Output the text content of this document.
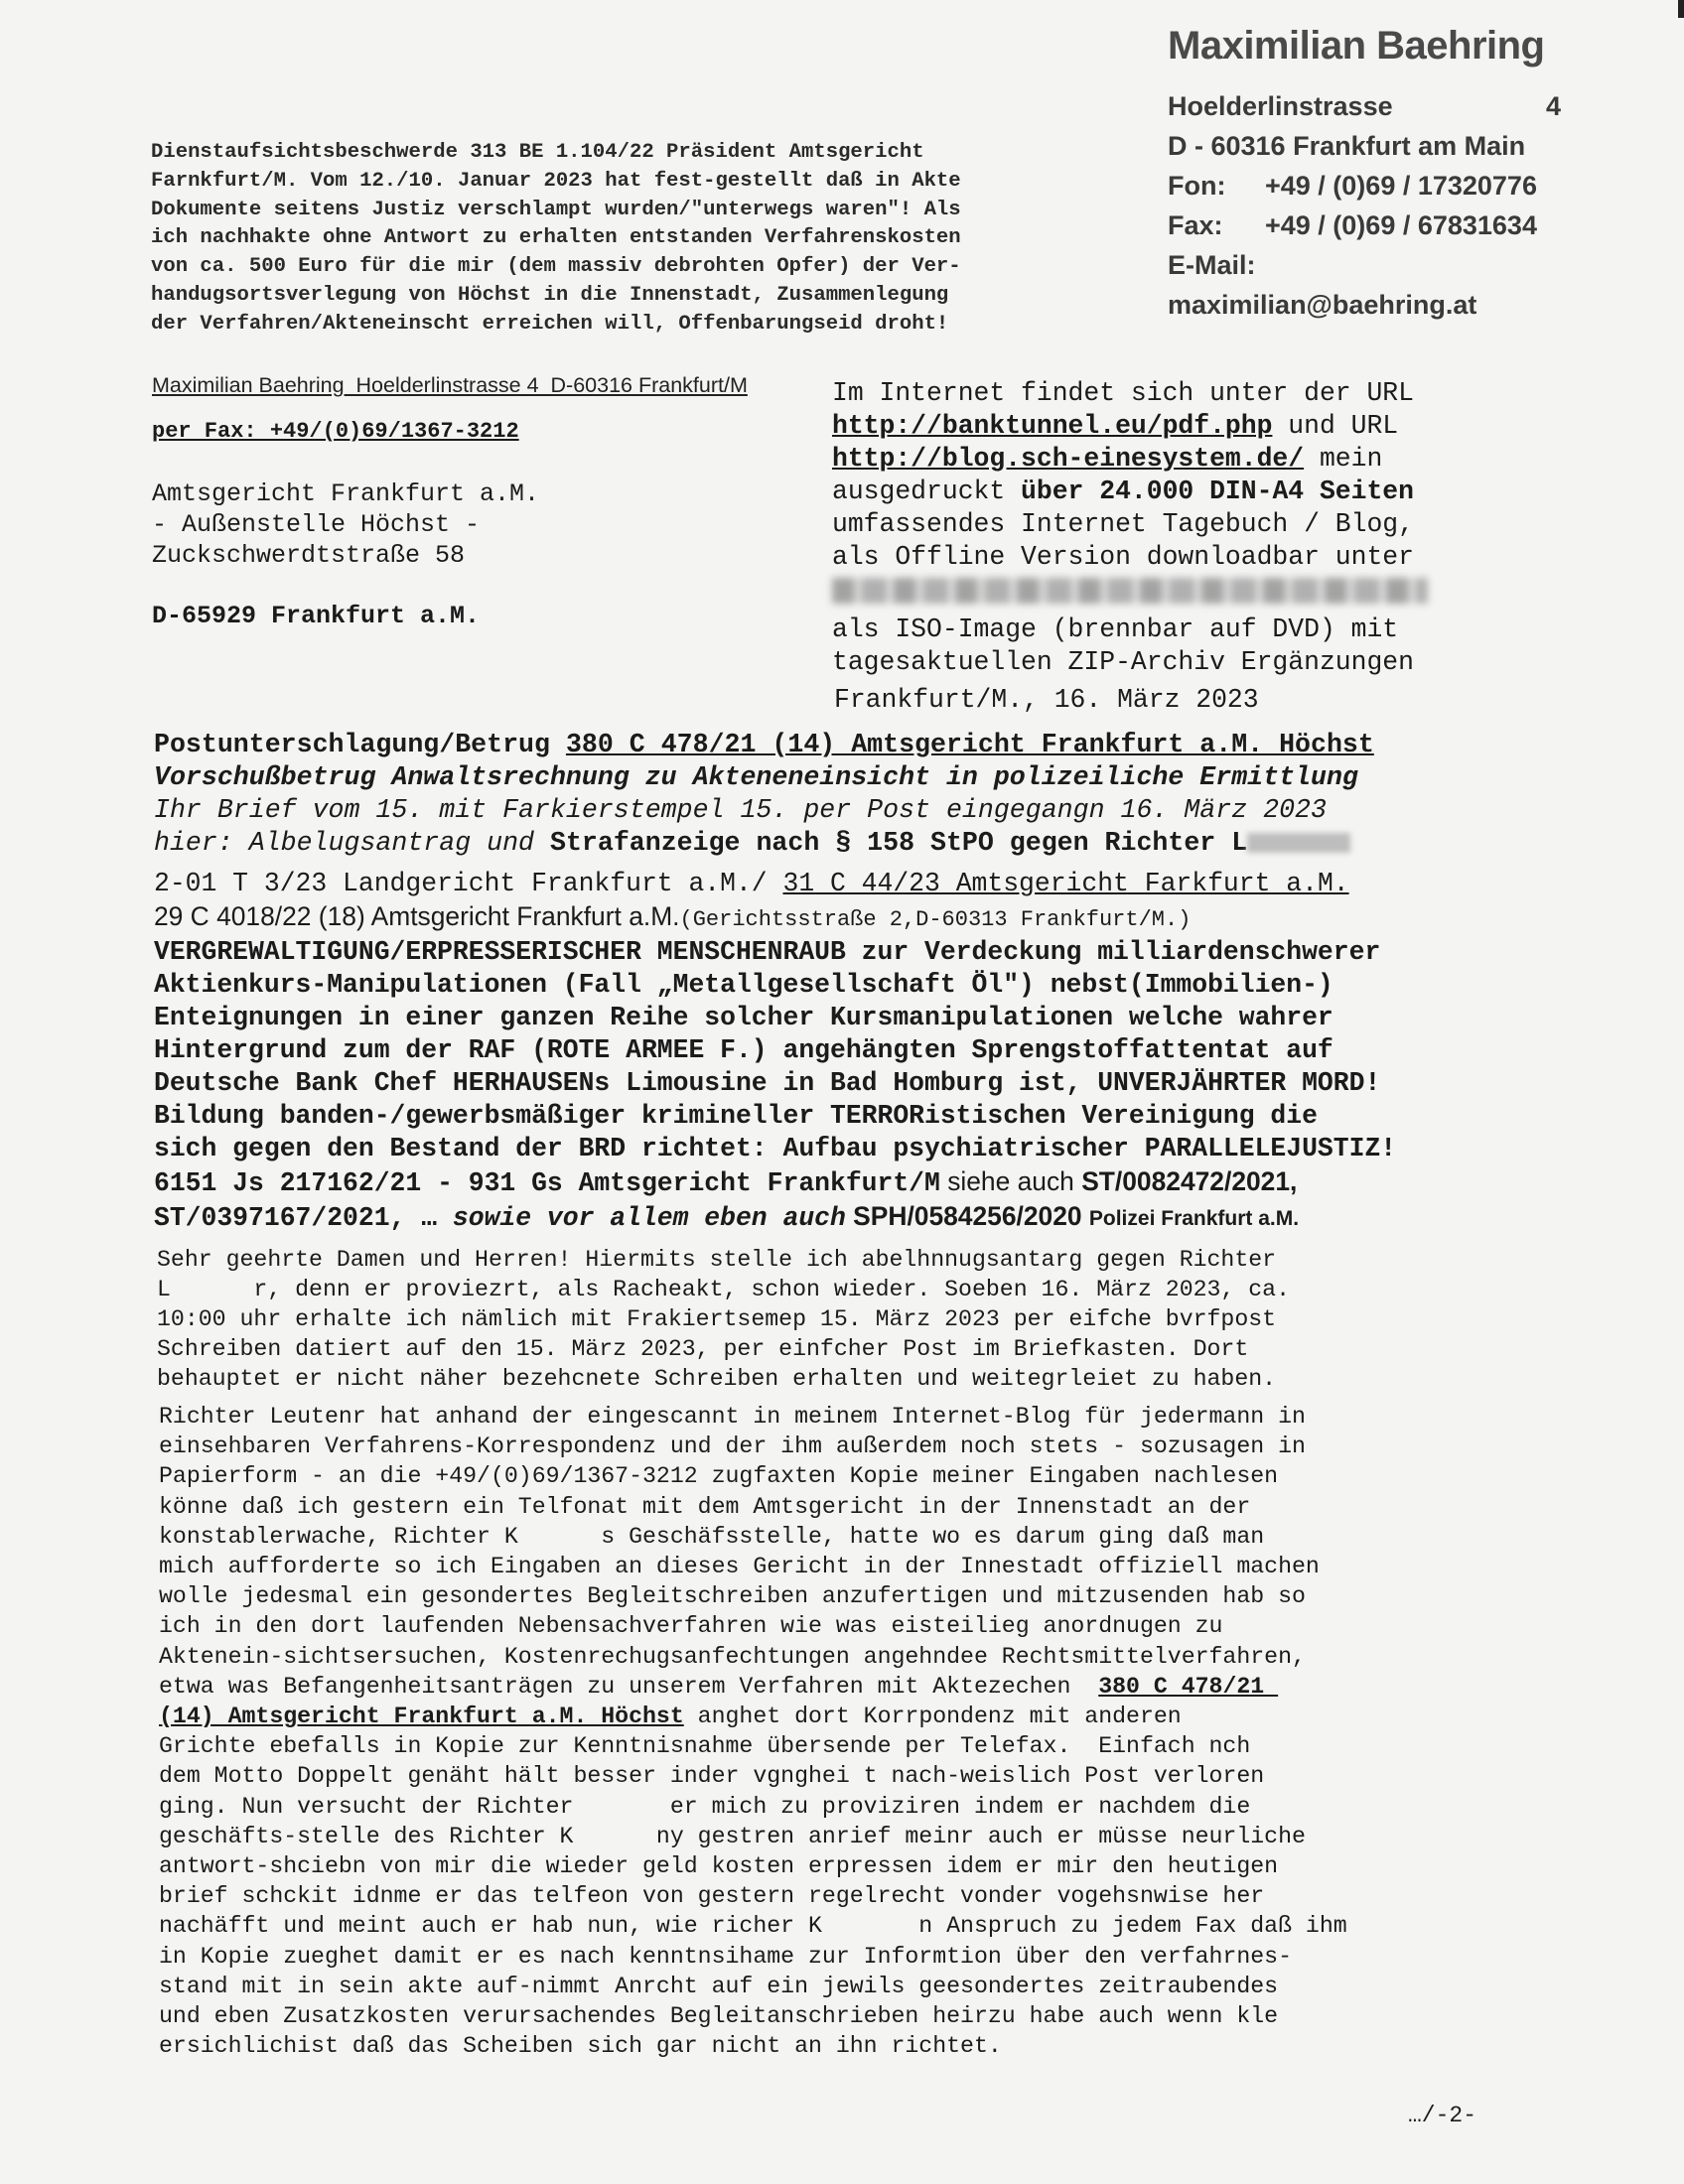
Maximilian Baehring
Hoelderlinstrasse	4
D - 60316 Frankfurt am Main
Fon: +49 / (0)69 / 17320776
Fax: +49 / (0)69 / 67831634
E-Mail: maximilian@baehring.at
Dienstaufsichtsbeschwerde 313 BE 1.104/22 Präsident Amtsgericht
Farnkfurt/M. Vom 12./10. Januar 2023 hat fest-gestellt daß in Akte
Dokumente seitens Justiz verschlampt wurden/"unterwegs waren"! Als
ich nachhakte ohne Antwort zu erhalten entstanden Verfahrenskosten
von ca. 500 Euro für die mir (dem massiv debrohten Opfer) der Ver-
handugsortsverlegung von Höchst in die Innenstadt, Zusammenlegung
der Verfahren/Akteneinscht erreichen will, Offenbarungseid droht!
Maximilian Baehring  Hoelderlinstrasse 4  D-60316 Frankfurt/M
per Fax: +49/(0)69/1367-3212
Amtsgericht Frankfurt a.M.
- Außenstelle Höchst -
Zuckschwerdtstraße 58
D-65929 Frankfurt a.M.
Im Internet findet sich unter der URL
http://banktunnel.eu/pdf.php und URL
http://blog.sch-einesystem.de/ mein
ausgedruckt über 24.000 DIN-A4 Seiten
umfassendes Internet Tagebuch / Blog,
als Offline Version downloadbar unter
als ISO-Image (brennbar auf DVD) mit
tagesaktuellen ZIP-Archiv Ergänzungen
Frankfurt/M., 16. März 2023
Postunterschlagung/Betrug 380 C 478/21 (14) Amtsgericht Frankfurt a.M. Höchst
Vorschußbetrug Anwaltsrechnung zu Akteneneinsicht in polizeiliche Ermittlung
Ihr Brief vom 15. mit Farkierstempel 15. per Post eingegangn 16. März 2023
hier: Albelugsantrag und Strafanzeige nach § 158 StPO gegen Richter L
2-01 T 3/23 Landgericht Frankfurt a.M./ 31 C 44/23 Amtsgericht Farkfurt a.M.
29 C 4018/22 (18) Amtsgericht Frankfurt a.M.(Gerichtsstraße 2,D-60313 Frankfurt/M.)
VERGREWALTIGUNG/ERPRESSERISCHER MENSCHENRAUB zur Verdeckung milliardenschwerer
Aktienkurs-Manipulationen (Fall „Metallgesellschaft Öl") nebst(Immobilien-)
Enteignungen in einer ganzen Reihe solcher Kursmanipulationen welche wahrer
Hintergrund zum der RAF (ROTE ARMEE F.) angehängten Sprengstoffattentat auf
Deutsche Bank Chef HERHAUSENs Limousine in Bad Homburg ist, UNVERJÄHRTER MORD!
Bildung banden-/gewerbsmäßiger krimineller TERRORistischen Vereinigung die
sich gegen den Bestand der BRD richtet: Aufbau psychiatrischer PARALLELEJUSTIZ!
6151 Js 217162/21 - 931 Gs Amtsgericht Frankfurt/M siehe auch ST/0082472/2021,
ST/0397167/2021, … sowie vor allem eben auch SPH/0584256/2020 Polizei Frankfurt a.M.
Sehr geehrte Damen und Herren! Hiermits stelle ich abelhnnugsantarg gegen Richter
L      r, denn er proviezrt, als Racheakt, schon wieder. Soeben 16. März 2023, ca.
10:00 uhr erhalte ich nämlich mit Frakiertsemep 15. März 2023 per eifche bvrfpost
Schreiben datiert auf den 15. März 2023, per einfcher Post im Briefkasten. Dort
behauptet er nicht näher bezehcnete Schreiben erhalten und weitegrleiet zu haben.
Richter Leutenr hat anhand der eingescannt in meinem Internet-Blog für jedermann in
einsehbaren Verfahrens-Korrespondenz und der ihm außerdem noch stets - sozusagen in
Papierform - an die +49/(0)69/1367-3212 zugfaxten Kopie meiner Eingaben nachlesen
könne daß ich gestern ein Telfonat mit dem Amtsgericht in der Innenstadt an der
konstablerwache, Richter K      s Geschäfsstelle, hatte wo es darum ging daß man
mich aufforderte so ich Eingaben an dieses Gericht in der Innestadt offiziell machen
wolle jedesmal ein gesondertes Begleitschreiben anzufertigen und mitzusenden hab so
ich in den dort laufenden Nebensachverfahren wie was eisteilieg anordnugen zu
Aktenein-sichtsersuchen, Kostenrechugsanfechtungen angehndee Rechtsmittelverfahren,
etwa was Befangenheitsanträgen zu unserem Verfahren mit Aktezechen  380 C 478/21
(14) Amtsgericht Frankfurt a.M. Höchst anghet dort Korrpondenz mit anderen
Grichte ebefalls in Kopie zur Kenntnisnahme übersende per Telefax.  Einfach nch
dem Motto Doppelt genäht hält besser inder vgnghei t nach-weislich Post verloren
ging. Nun versucht der Richter       er mich zu proviziren indem er nachdem die
geschäfts-stelle des Richter K      ny gestren anrief meinr auch er müsse neurliche
antwort-shciebn von mir die wieder geld kosten erpressen idem er mir den heutigen
brief schckit idnme er das telfeon von gestern regelrecht vonder vogehsnwise her
nachäfft und meint auch er hab nun, wie richer K       n Anspruch zu jedem Fax daß ihm
in Kopie zueghet damit er es nach kenntnsihame zur Informtion über den verfahrnes-
stand mit in sein akte auf-nimmt Anrcht auf ein jewils geesondertes zeitraubendes
und eben Zusatzkosten verursachendes Begleitanschrieben heirzu habe auch wenn kle
ersichlichist daß das Scheiben sich gar nicht an ihn richtet.
…/-2-
